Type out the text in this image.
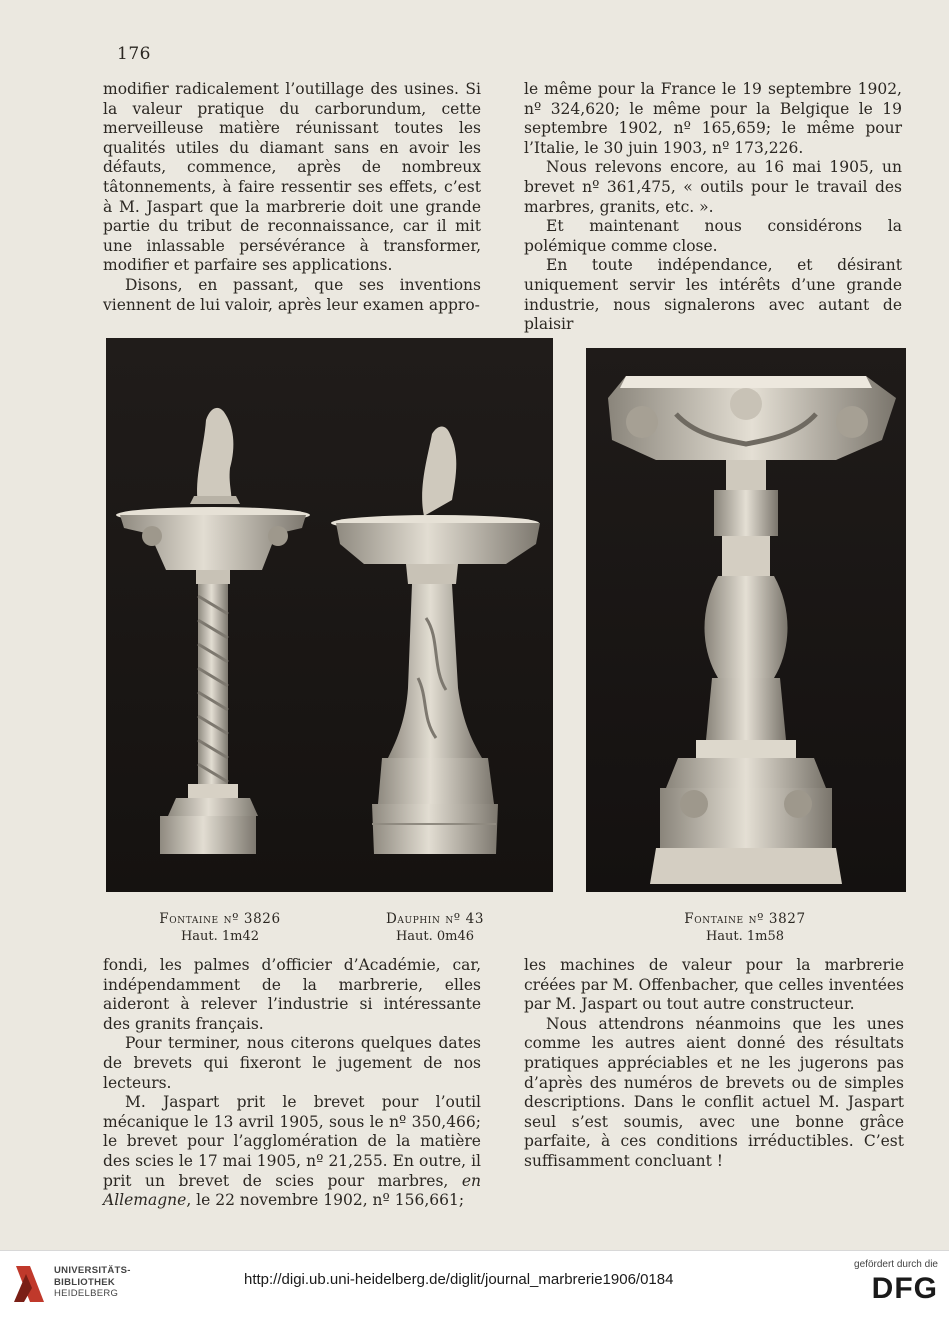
176

modifier radicalement l’outillage des usines. Si la valeur pratique du carborundum, cette merveilleuse matière réunissant toutes les qualités utiles du diamant sans en avoir les défauts, commence, après de nombreux tâtonnements, à faire ressentir ses effets, c’est à M. Jaspart que la marbrerie doit une grande partie du tribut de reconnaissance, car il mit une inlassable persévérance à transformer, modifier et parfaire ses applications.

Disons, en passant, que ses inventions viennent de lui valoir, après leur examen appro-

le même pour la France le 19 septembre 1902, nº 324,620; le même pour la Belgique le 19 septembre 1902, nº 165,659; le même pour l’Italie, le 30 juin 1903, nº 173,226.

Nous relevons encore, au 16 mai 1905, un brevet nº 361,475, « outils pour le travail des marbres, granits, etc. ».

Et maintenant nous considérons la polémique comme close.

En toute indépendance, et désirant uniquement servir les intérêts d’une grande industrie, nous signalerons avec autant de plaisir

Fontaine nº 3826
Haut. 1m42
Dauphin nº 43
Haut. 0m46
Fontaine nº 3827
Haut. 1m58

fondi, les palmes d’officier d’Académie, car, indépendamment de la marbrerie, elles aideront à relever l’industrie si intéressante des granits français.

Pour terminer, nous citerons quelques dates de brevets qui fixeront le jugement de nos lecteurs.

M. Jaspart prit le brevet pour l’outil mécanique le 13 avril 1905, sous le nº 350,466; le brevet pour l’agglomération de la matière des scies le 17 mai 1905, nº 21,255. En outre, il prit un brevet de scies pour marbres, en Allemagne, le 22 novembre 1902, nº 156,661;

les machines de valeur pour la marbrerie créées par M. Offenbacher, que celles inventées par M. Jaspart ou tout autre constructeur.

Nous attendrons néanmoins que les unes comme les autres aient donné des résultats pratiques appréciables et ne les jugerons pas d’après des numéros de brevets ou de simples descriptions. Dans le conflit actuel M. Jaspart seul s’est soumis, avec une bonne grâce parfaite, à ces conditions irréductibles. C’est suffisamment concluant !

UNIVERSITÄTS-
BIBLIOTHEK
HEIDELBERG
http://digi.ub.uni-heidelberg.de/diglit/journal_marbrerie1906/0184
gefördert durch die
DFG
